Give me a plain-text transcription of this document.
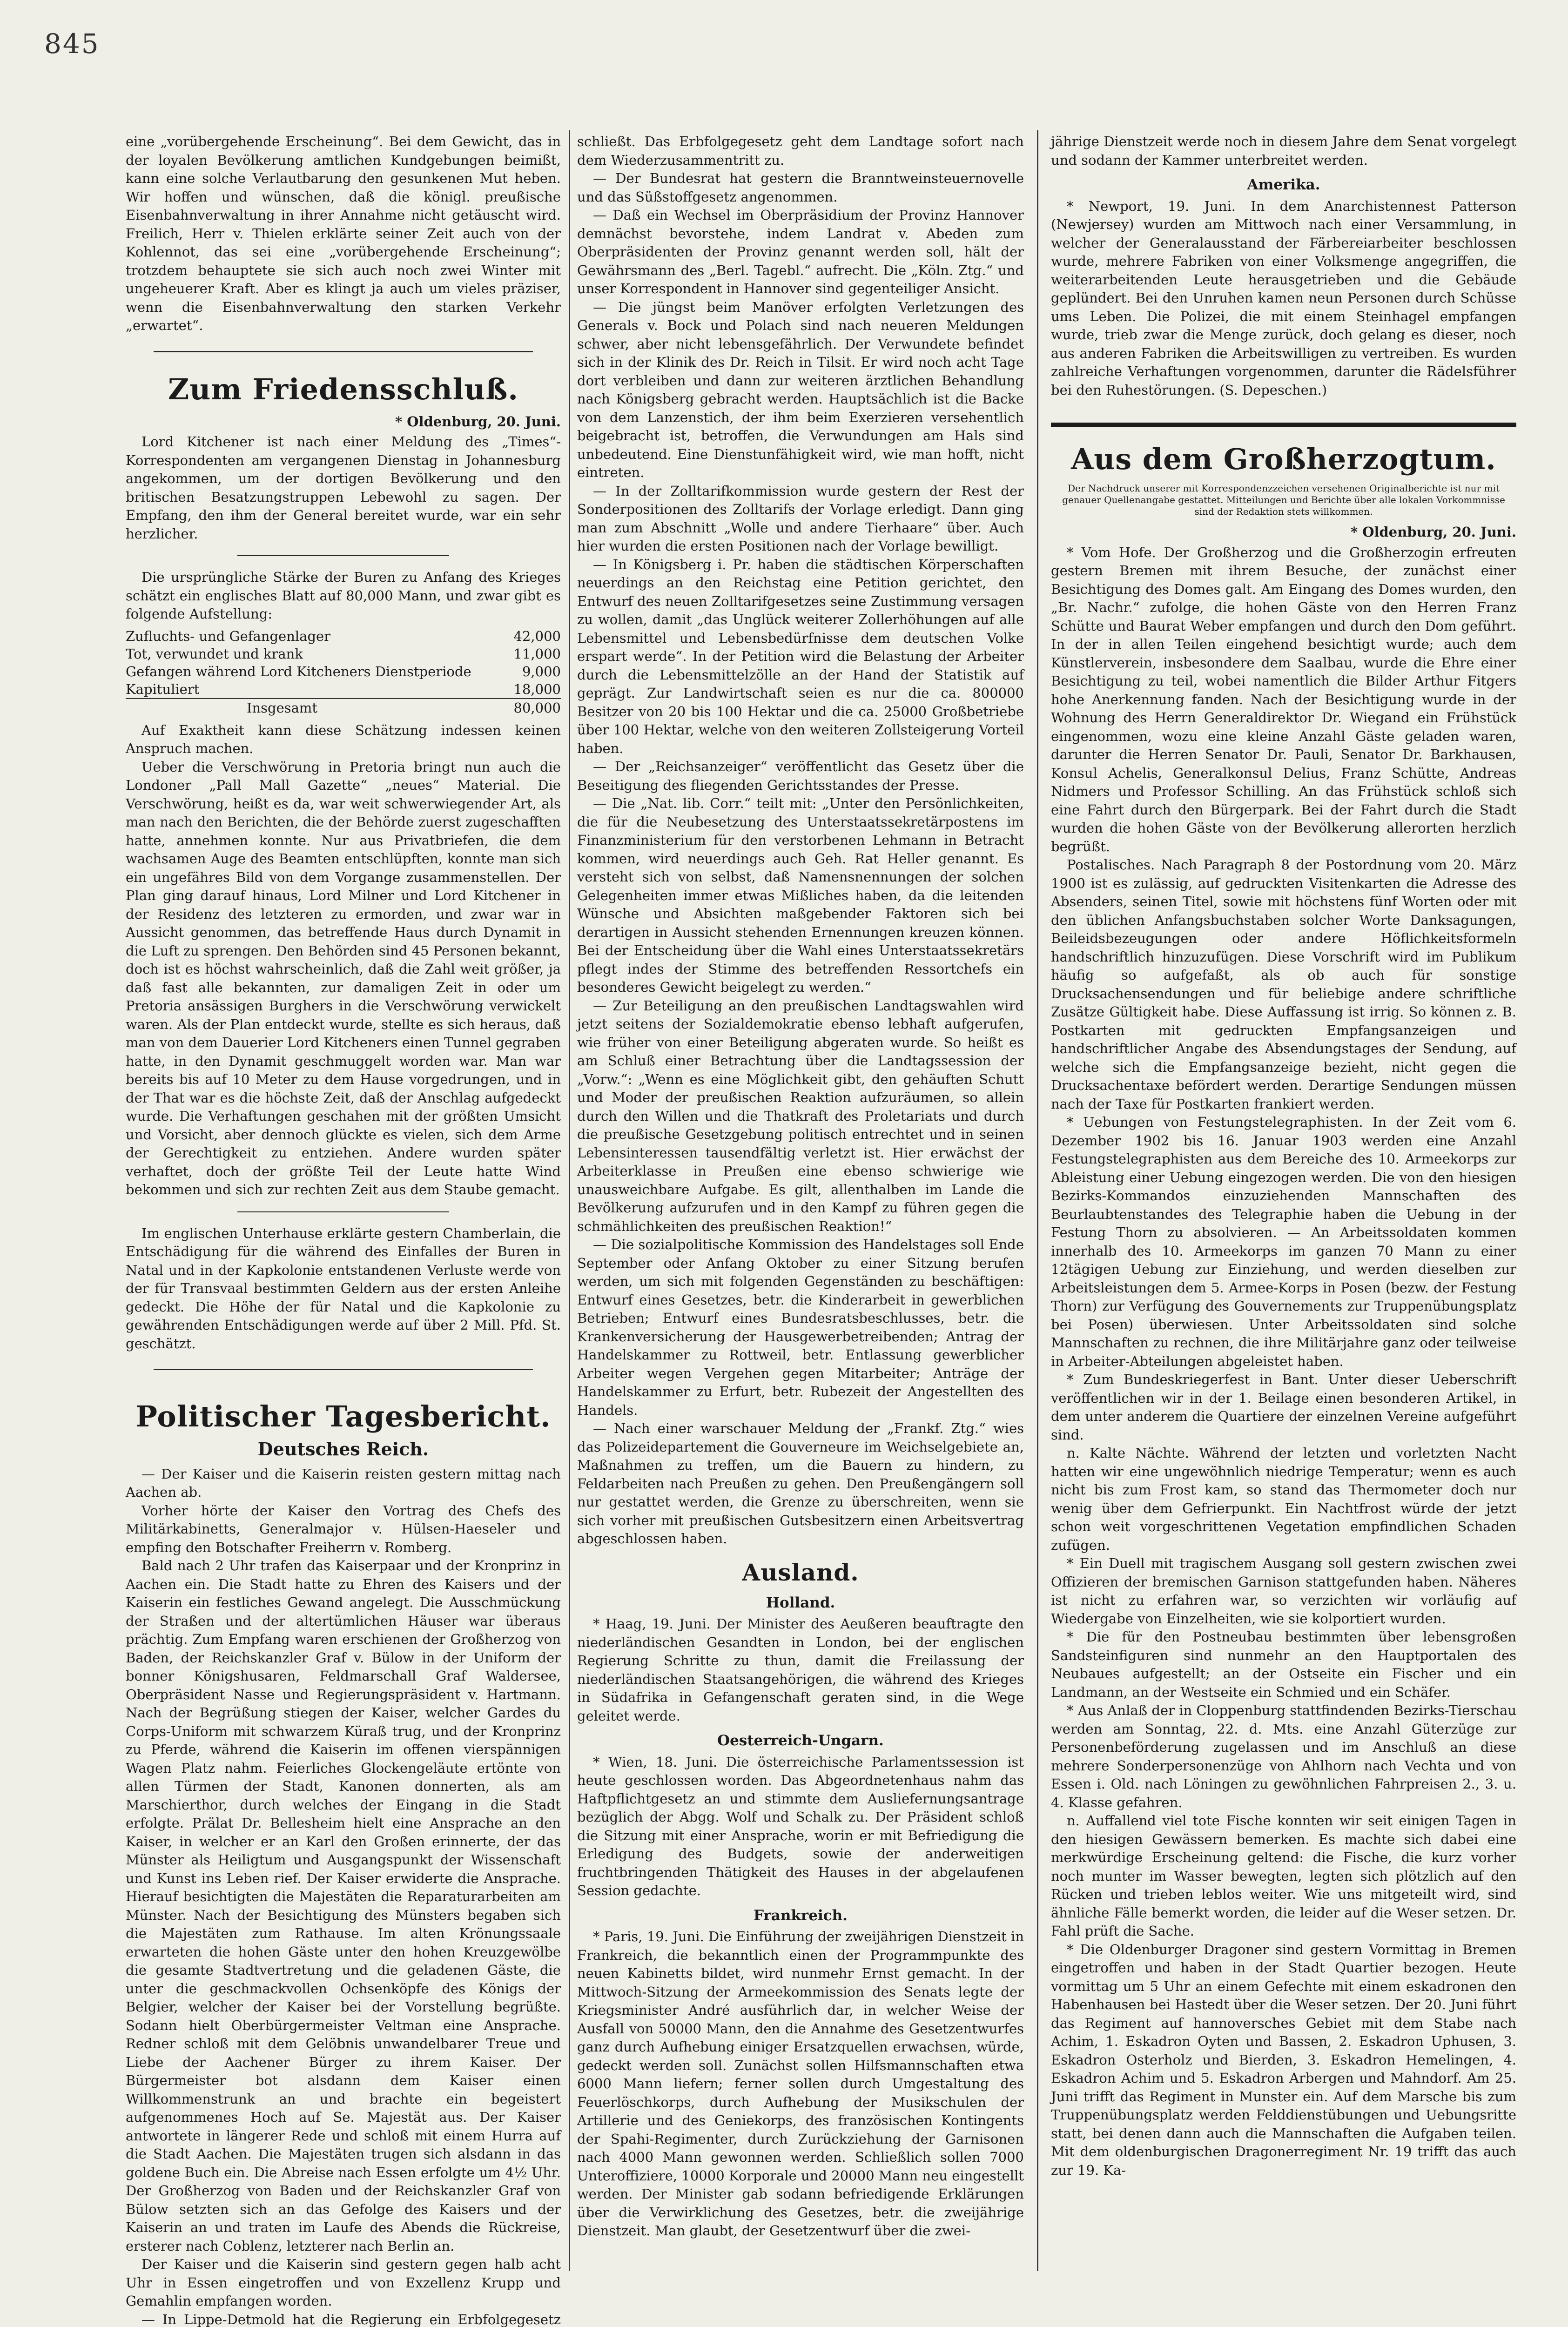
845

eine „vorübergehende Erscheinung“. Bei dem Gewicht, das in der loyalen Bevölkerung amtlichen Kundgebungen beimißt, kann eine solche Verlautbarung den gesunkenen Mut heben. Wir hoffen und wünschen, daß die königl. preußische Eisenbahnverwaltung in ihrer Annahme nicht getäuscht wird. Freilich, Herr v. Thielen erklärte seiner Zeit auch von der Kohlennot, das sei eine „vorübergehende Erscheinung“; trotzdem behauptete sie sich auch noch zwei Winter mit ungeheuerer Kraft. Aber es klingt ja auch um vieles präziser, wenn die Eisenbahnverwaltung den starken Verkehr „erwartet“.

Zum Friedensschluß.

* Oldenburg, 20. Juni.

Lord Kitchener ist nach einer Meldung des „Times“-Korrespondenten am vergangenen Dienstag in Johannesburg angekommen, um der dortigen Bevölkerung und den britischen Besatzungstruppen Lebewohl zu sagen. Der Empfang, den ihm der General bereitet wurde, war ein sehr herzlicher.

Die ursprüngliche Stärke der Buren zu Anfang des Krieges schätzt ein englisches Blatt auf 80,000 Mann, und zwar gibt es folgende Aufstellung:

Zufluchts- und Gefangenlager	42,000
Tot, verwundet und krank	11,000
Gefangen während Lord Kitcheners Dienstperiode	9,000
Kapituliert	18,000
Insgesamt	80,000

Auf Exaktheit kann diese Schätzung indessen keinen Anspruch machen.

Ueber die Verschwörung in Pretoria bringt nun auch die Londoner „Pall Mall Gazette“ „neues“ Material. Die Verschwörung, heißt es da, war weit schwerwiegender Art, als man nach den Berichten, die der Behörde zuerst zugeschafften hatte, annehmen konnte. Nur aus Privatbriefen, die dem wachsamen Auge des Beamten entschlüpften, konnte man sich ein ungefähres Bild von dem Vorgange zusammenstellen. Der Plan ging darauf hinaus, Lord Milner und Lord Kitchener in der Residenz des letzteren zu ermorden, und zwar war in Aussicht genommen, das betreffende Haus durch Dynamit in die Luft zu sprengen. Den Behörden sind 45 Personen bekannt, doch ist es höchst wahrscheinlich, daß die Zahl weit größer, ja daß fast alle bekannten, zur damaligen Zeit in oder um Pretoria ansässigen Burghers in die Verschwörung verwickelt waren. Als der Plan entdeckt wurde, stellte es sich heraus, daß man von dem Dauerier Lord Kitcheners einen Tunnel gegraben hatte, in den Dynamit geschmuggelt worden war. Man war bereits bis auf 10 Meter zu dem Hause vorgedrungen, und in der That war es die höchste Zeit, daß der Anschlag aufgedeckt wurde. Die Verhaftungen geschahen mit der größten Umsicht und Vorsicht, aber dennoch glückte es vielen, sich dem Arme der Gerechtigkeit zu entziehen. Andere wurden später verhaftet, doch der größte Teil der Leute hatte Wind bekommen und sich zur rechten Zeit aus dem Staube gemacht.

Im englischen Unterhause erklärte gestern Chamberlain, die Entschädigung für die während des Einfalles der Buren in Natal und in der Kapkolonie entstandenen Verluste werde von der für Transvaal bestimmten Geldern aus der ersten Anleihe gedeckt. Die Höhe der für Natal und die Kapkolonie zu gewährenden Entschädigungen werde auf über 2 Mill. Pfd. St. geschätzt.

Politischer Tagesbericht.
Deutsches Reich.

— Der Kaiser und die Kaiserin reisten gestern mittag nach Aachen ab.

Vorher hörte der Kaiser den Vortrag des Chefs des Militärkabinetts, Generalmajor v. Hülsen-Haeseler und empfing den Botschafter Freiherrn v. Romberg.

Bald nach 2 Uhr trafen das Kaiserpaar und der Kronprinz in Aachen ein. Die Stadt hatte zu Ehren des Kaisers und der Kaiserin ein festliches Gewand angelegt. Die Ausschmückung der Straßen und der altertümlichen Häuser war überaus prächtig. Zum Empfang waren erschienen der Großherzog von Baden, der Reichskanzler Graf v. Bülow in der Uniform der bonner Königshusaren, Feldmarschall Graf Waldersee, Oberpräsident Nasse und Regierungspräsident v. Hartmann. Nach der Begrüßung stiegen der Kaiser, welcher Gardes du Corps-Uniform mit schwarzem Küraß trug, und der Kronprinz zu Pferde, während die Kaiserin im offenen vierspännigen Wagen Platz nahm. Feierliches Glockengeläute ertönte von allen Türmen der Stadt, Kanonen donnerten, als am Marschierthor, durch welches der Eingang in die Stadt erfolgte. Prälat Dr. Bellesheim hielt eine Ansprache an den Kaiser, in welcher er an Karl den Großen erinnerte, der das Münster als Heiligtum und Ausgangspunkt der Wissenschaft und Kunst ins Leben rief. Der Kaiser erwiderte die Ansprache. Hierauf besichtigten die Majestäten die Reparaturarbeiten am Münster. Nach der Besichtigung des Münsters begaben sich die Majestäten zum Rathause. Im alten Krönungssaale erwarteten die hohen Gäste unter den hohen Kreuzgewölbe die gesamte Stadtvertretung und die geladenen Gäste, die unter die geschmackvollen Ochsenköpfe des Königs der Belgier, welcher der Kaiser bei der Vorstellung begrüßte. Sodann hielt Oberbürgermeister Veltman eine Ansprache. Redner schloß mit dem Gelöbnis unwandelbarer Treue und Liebe der Aachener Bürger zu ihrem Kaiser. Der Bürgermeister bot alsdann dem Kaiser einen Willkommenstrunk an und brachte ein begeistert aufgenommenes Hoch auf Se. Majestät aus. Der Kaiser antwortete in längerer Rede und schloß mit einem Hurra auf die Stadt Aachen. Die Majestäten trugen sich alsdann in das goldene Buch ein. Die Abreise nach Essen erfolgte um 4½ Uhr. Der Großherzog von Baden und der Reichskanzler Graf von Bülow setzten sich an das Gefolge des Kaisers und der Kaiserin an und traten im Laufe des Abends die Rückreise, ersterer nach Coblenz, letzterer nach Berlin an.

Der Kaiser und die Kaiserin sind gestern gegen halb acht Uhr in Essen eingetroffen und von Exzellenz Krupp und Gemahlin empfangen worden.

— In Lippe-Detmold hat die Regierung ein Erbfolgegesetz

schließt. Das Erbfolgegesetz geht dem Landtage sofort nach dem Wiederzusammentritt zu.

— Der Bundesrat hat gestern die Branntweinsteuernovelle und das Süßstoffgesetz angenommen.

— Daß ein Wechsel im Oberpräsidium der Provinz Hannover demnächst bevorstehe, indem Landrat v. Abeden zum Oberpräsidenten der Provinz genannt werden soll, hält der Gewährsmann des „Berl. Tagebl.“ aufrecht. Die „Köln. Ztg.“ und unser Korrespondent in Hannover sind gegenteiliger Ansicht.

— Die jüngst beim Manöver erfolgten Verletzungen des Generals v. Bock und Polach sind nach neueren Meldungen schwer, aber nicht lebensgefährlich. Der Verwundete befindet sich in der Klinik des Dr. Reich in Tilsit. Er wird noch acht Tage dort verbleiben und dann zur weiteren ärztlichen Behandlung nach Königsberg gebracht werden. Hauptsächlich ist die Backe von dem Lanzenstich, der ihm beim Exerzieren versehentlich beigebracht ist, betroffen, die Verwundungen am Hals sind unbedeutend. Eine Dienstunfähigkeit wird, wie man hofft, nicht eintreten.

— In der Zolltarifkommission wurde gestern der Rest der Sonderpositionen des Zolltarifs der Vorlage erledigt. Dann ging man zum Abschnitt „Wolle und andere Tierhaare“ über. Auch hier wurden die ersten Positionen nach der Vorlage bewilligt.

— In Königsberg i. Pr. haben die städtischen Körperschaften neuerdings an den Reichstag eine Petition gerichtet, den Entwurf des neuen Zolltarifgesetzes seine Zustimmung versagen zu wollen, damit „das Unglück weiterer Zollerhöhungen auf alle Lebensmittel und Lebensbedürfnisse dem deutschen Volke erspart werde“. In der Petition wird die Belastung der Arbeiter durch die Lebensmittelzölle an der Hand der Statistik auf geprägt. Zur Landwirtschaft seien es nur die ca. 800000 Besitzer von 20 bis 100 Hektar und die ca. 25000 Großbetriebe über 100 Hektar, welche von den weiteren Zollsteigerung Vorteil haben.

— Der „Reichsanzeiger“ veröffentlicht das Gesetz über die Beseitigung des fliegenden Gerichtsstandes der Presse.

— Die „Nat. lib. Corr.“ teilt mit: „Unter den Persönlichkeiten, die für die Neubesetzung des Unterstaatssekretärpostens im Finanzministerium für den verstorbenen Lehmann in Betracht kommen, wird neuerdings auch Geh. Rat Heller genannt. Es versteht sich von selbst, daß Namensnennungen der solchen Gelegenheiten immer etwas Mißliches haben, da die leitenden Wünsche und Absichten maßgebender Faktoren sich bei derartigen in Aussicht stehenden Ernennungen kreuzen können. Bei der Entscheidung über die Wahl eines Unterstaatssekretärs pflegt indes der Stimme des betreffenden Ressortchefs ein besonderes Gewicht beigelegt zu werden.“

— Zur Beteiligung an den preußischen Landtagswahlen wird jetzt seitens der Sozialdemokratie ebenso lebhaft aufgerufen, wie früher von einer Beteiligung abgeraten wurde. So heißt es am Schluß einer Betrachtung über die Landtagssession der „Vorw.“: „Wenn es eine Möglichkeit gibt, den gehäuften Schutt und Moder der preußischen Reaktion aufzuräumen, so allein durch den Willen und die Thatkraft des Proletariats und durch die preußische Gesetzgebung politisch entrechtet und in seinen Lebensinteressen tausendfältig verletzt ist. Hier erwächst der Arbeiterklasse in Preußen eine ebenso schwierige wie unausweichbare Aufgabe. Es gilt, allenthalben im Lande die Bevölkerung aufzurufen und in den Kampf zu führen gegen die schmählichkeiten des preußischen Reaktion!“

— Die sozialpolitische Kommission des Handelstages soll Ende September oder Anfang Oktober zu einer Sitzung berufen werden, um sich mit folgenden Gegenständen zu beschäftigen: Entwurf eines Gesetzes, betr. die Kinderarbeit in gewerblichen Betrieben; Entwurf eines Bundesratsbeschlusses, betr. die Krankenversicherung der Hausgewerbetreibenden; Antrag der Handelskammer zu Rottweil, betr. Entlassung gewerblicher Arbeiter wegen Vergehen gegen Mitarbeiter; Anträge der Handelskammer zu Erfurt, betr. Rubezeit der Angestellten des Handels.

— Nach einer warschauer Meldung der „Frankf. Ztg.“ wies das Polizeidepartement die Gouverneure im Weichselgebiete an, Maßnahmen zu treffen, um die Bauern zu hindern, zu Feldarbeiten nach Preußen zu gehen. Den Preußengängern soll nur gestattet werden, die Grenze zu überschreiten, wenn sie sich vorher mit preußischen Gutsbesitzern einen Arbeitsvertrag abgeschlossen haben.

Ausland.
Holland.

* Haag, 19. Juni. Der Minister des Aeußeren beauftragte den niederländischen Gesandten in London, bei der englischen Regierung Schritte zu thun, damit die Freilassung der niederländischen Staatsangehörigen, die während des Krieges in Südafrika in Gefangenschaft geraten sind, in die Wege geleitet werde.

Oesterreich-Ungarn.

* Wien, 18. Juni. Die österreichische Parlamentssession ist heute geschlossen worden. Das Abgeordnetenhaus nahm das Haftpflichtgesetz an und stimmte dem Ausliefernungsantrage bezüglich der Abgg. Wolf und Schalk zu. Der Präsident schloß die Sitzung mit einer Ansprache, worin er mit Befriedigung die Erledigung des Budgets, sowie der anderweitigen fruchtbringenden Thätigkeit des Hauses in der abgelaufenen Session gedachte.

Frankreich.

* Paris, 19. Juni. Die Einführung der zweijährigen Dienstzeit in Frankreich, die bekanntlich einen der Programmpunkte des neuen Kabinetts bildet, wird nunmehr Ernst gemacht. In der Mittwoch-Sitzung der Armeekommission des Senats legte der Kriegsminister André ausführlich dar, in welcher Weise der Ausfall von 50000 Mann, den die Annahme des Gesetzentwurfes ganz durch Aufhebung einiger Ersatzquellen erwachsen, würde, gedeckt werden soll. Zunächst sollen Hilfsmannschaften etwa 6000 Mann liefern; ferner sollen durch Umgestaltung des Feuerlöschkorps, durch Aufhebung der Musikschulen der Artillerie und des Geniekorps, des französischen Kontingents der Spahi-Regimenter, durch Zurückziehung der Garnisonen nach 4000 Mann gewonnen werden. Schließlich sollen 7000 Unteroffiziere, 10000 Korporale und 20000 Mann neu eingestellt werden. Der Minister gab sodann befriedigende Erklärungen über die Verwirklichung des Gesetzes, betr. die zweijährige Dienstzeit. Man glaubt, der Gesetzentwurf über die zwei-

jährige Dienstzeit werde noch in diesem Jahre dem Senat vorgelegt und sodann der Kammer unterbreitet werden.

Amerika.

* Newport, 19. Juni. In dem Anarchistennest Patterson (Newjersey) wurden am Mittwoch nach einer Versammlung, in welcher der Generalausstand der Färbereiarbeiter beschlossen wurde, mehrere Fabriken von einer Volksmenge angegriffen, die weiterarbeitenden Leute herausgetrieben und die Gebäude geplündert. Bei den Unruhen kamen neun Personen durch Schüsse ums Leben. Die Polizei, die mit einem Steinhagel empfangen wurde, trieb zwar die Menge zurück, doch gelang es dieser, noch aus anderen Fabriken die Arbeitswilligen zu vertreiben. Es wurden zahlreiche Verhaftungen vorgenommen, darunter die Rädelsführer bei den Ruhestörungen. (S. Depeschen.)

Aus dem Großherzogtum.

Der Nachdruck unserer mit Korrespondenzzeichen versehenen Originalberichte ist nur mit genauer Quellenangabe gestattet. Mitteilungen und Berichte über alle lokalen Vorkommnisse sind der Redaktion stets willkommen.

* Oldenburg, 20. Juni.

* Vom Hofe. Der Großherzog und die Großherzogin erfreuten gestern Bremen mit ihrem Besuche, der zunächst einer Besichtigung des Domes galt. Am Eingang des Domes wurden, den „Br. Nachr.“ zufolge, die hohen Gäste von den Herren Franz Schütte und Baurat Weber empfangen und durch den Dom geführt. In der in allen Teilen eingehend besichtigt wurde; auch dem Künstlerverein, insbesondere dem Saalbau, wurde die Ehre einer Besichtigung zu teil, wobei namentlich die Bilder Arthur Fitgers hohe Anerkennung fanden. Nach der Besichtigung wurde in der Wohnung des Herrn Generaldirektor Dr. Wiegand ein Frühstück eingenommen, wozu eine kleine Anzahl Gäste geladen waren, darunter die Herren Senator Dr. Pauli, Senator Dr. Barkhausen, Konsul Achelis, Generalkonsul Delius, Franz Schütte, Andreas Nidmers und Professor Schilling. An das Frühstück schloß sich eine Fahrt durch den Bürgerpark. Bei der Fahrt durch die Stadt wurden die hohen Gäste von der Bevölkerung allerorten herzlich begrüßt.

Postalisches. Nach Paragraph 8 der Postordnung vom 20. März 1900 ist es zulässig, auf gedruckten Visitenkarten die Adresse des Absenders, seinen Titel, sowie mit höchstens fünf Worten oder mit den üblichen Anfangsbuchstaben solcher Worte Danksagungen, Beileidsbezeugungen oder andere Höflichkeitsformeln handschriftlich hinzuzufügen. Diese Vorschrift wird im Publikum häufig so aufgefaßt, als ob auch für sonstige Drucksachensendungen und für beliebige andere schriftliche Zusätze Gültigkeit habe. Diese Auffassung ist irrig. So können z. B. Postkarten mit gedruckten Empfangsanzeigen und handschriftlicher Angabe des Absendungstages der Sendung, auf welche sich die Empfangsanzeige bezieht, nicht gegen die Drucksachentaxe befördert werden. Derartige Sendungen müssen nach der Taxe für Postkarten frankiert werden.

* Uebungen von Festungstelegraphisten. In der Zeit vom 6. Dezember 1902 bis 16. Januar 1903 werden eine Anzahl Festungstelegraphisten aus dem Bereiche des 10. Armeekorps zur Ableistung einer Uebung eingezogen werden. Die von den hiesigen Bezirks-Kommandos einzuziehenden Mannschaften des Beurlaubtenstandes des Telegraphie haben die Uebung in der Festung Thorn zu absolvieren. — An Arbeitssoldaten kommen innerhalb des 10. Armeekorps im ganzen 70 Mann zu einer 12tägigen Uebung zur Einziehung, und werden dieselben zur Arbeitsleistungen dem 5. Armee-Korps in Posen (bezw. der Festung Thorn) zur Verfügung des Gouvernements zur Truppenübungsplatz bei Posen) überwiesen. Unter Arbeitssoldaten sind solche Mannschaften zu rechnen, die ihre Militärjahre ganz oder teilweise in Arbeiter-Abteilungen abgeleistet haben.

* Zum Bundeskriegerfest in Bant. Unter dieser Ueberschrift veröffentlichen wir in der 1. Beilage einen besonderen Artikel, in dem unter anderem die Quartiere der einzelnen Vereine aufgeführt sind.

n. Kalte Nächte. Während der letzten und vorletzten Nacht hatten wir eine ungewöhnlich niedrige Temperatur; wenn es auch nicht bis zum Frost kam, so stand das Thermometer doch nur wenig über dem Gefrierpunkt. Ein Nachtfrost würde der jetzt schon weit vorgeschrittenen Vegetation empfindlichen Schaden zufügen.

* Ein Duell mit tragischem Ausgang soll gestern zwischen zwei Offizieren der bremischen Garnison stattgefunden haben. Näheres ist nicht zu erfahren war, so verzichten wir vorläufig auf Wiedergabe von Einzelheiten, wie sie kolportiert wurden.

* Die für den Postneubau bestimmten über lebensgroßen Sandsteinfiguren sind nunmehr an den Hauptportalen des Neubaues aufgestellt; an der Ostseite ein Fischer und ein Landmann, an der Westseite ein Schmied und ein Schäfer.

* Aus Anlaß der in Cloppenburg stattfindenden Bezirks-Tierschau werden am Sonntag, 22. d. Mts. eine Anzahl Güterzüge zur Personenbeförderung zugelassen und im Anschluß an diese mehrere Sonderpersonenzüge von Ahlhorn nach Vechta und von Essen i. Old. nach Löningen zu gewöhnlichen Fahrpreisen 2., 3. u. 4. Klasse gefahren.

n. Auffallend viel tote Fische konnten wir seit einigen Tagen in den hiesigen Gewässern bemerken. Es machte sich dabei eine merkwürdige Erscheinung geltend: die Fische, die kurz vorher noch munter im Wasser bewegten, legten sich plötzlich auf den Rücken und trieben leblos weiter. Wie uns mitgeteilt wird, sind ähnliche Fälle bemerkt worden, die leider auf die Weser setzen. Dr. Fahl prüft die Sache.

* Die Oldenburger Dragoner sind gestern Vormittag in Bremen eingetroffen und haben in der Stadt Quartier bezogen. Heute vormittag um 5 Uhr an einem Gefechte mit einem eskadronen den Habenhausen bei Hastedt über die Weser setzen. Der 20. Juni führt das Regiment auf hannoversches Gebiet mit dem Stabe nach Achim, 1. Eskadron Oyten und Bassen, 2. Eskadron Uphusen, 3. Eskadron Osterholz und Bierden, 3. Eskadron Hemelingen, 4. Eskadron Achim und 5. Eskadron Arbergen und Mahndorf. Am 25. Juni trifft das Regiment in Munster ein. Auf dem Marsche bis zum Truppenübungsplatz werden Felddienstübungen und Uebungsritte statt, bei denen dann auch die Mannschaften die Aufgaben teilen. Mit dem oldenburgischen Dragonerregiment Nr. 19 trifft das auch zur 19. Ka-
